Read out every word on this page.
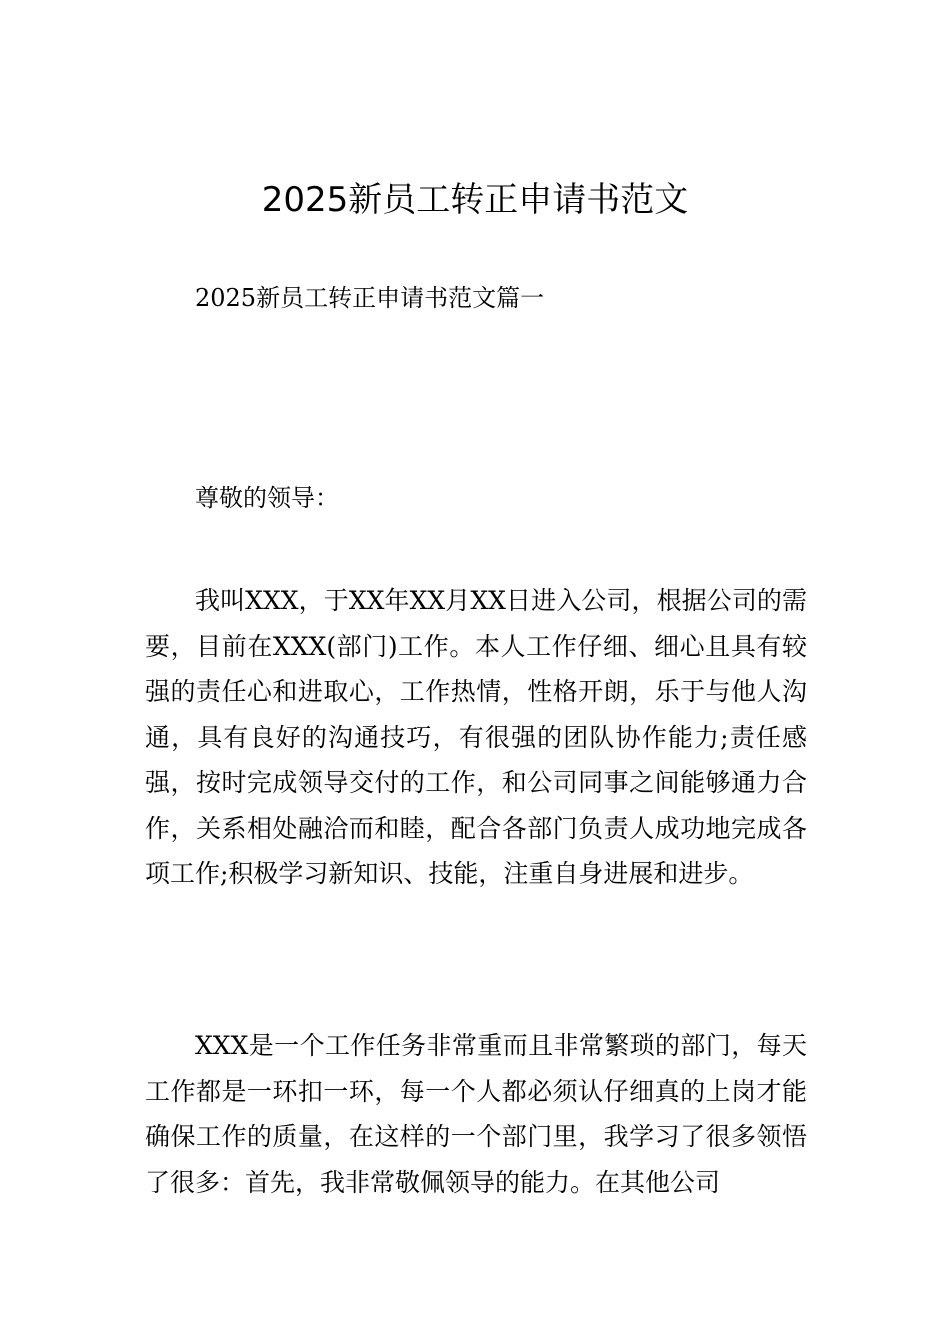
2025新员工转正申请书范文
2025新员工转正申请书范文篇一
尊敬的领导：

我叫XXX，于XX年XX月XX日进入公司，根据公司的需要，目前在XXX(部门)工作。本人工作仔细、细心且具有较强的责任心和进取心，工作热情，性格开朗，乐于与他人沟通，具有良好的沟通技巧，有很强的团队协作能力;责任感强，按时完成领导交付的工作，和公司同事之间能够通力合作，关系相处融洽而和睦，配合各部门负责人成功地完成各项工作;积极学习新知识、技能，注重自身进展和进步。

XXX是一个工作任务非常重而且非常繁琐的部门，每天工作都是一环扣一环，每一个人都必须认仔细真的上岗才能确保工作的质量，在这样的一个部门里，我学习了很多领悟了很多：首先，我非常敬佩领导的能力。在其他公司
